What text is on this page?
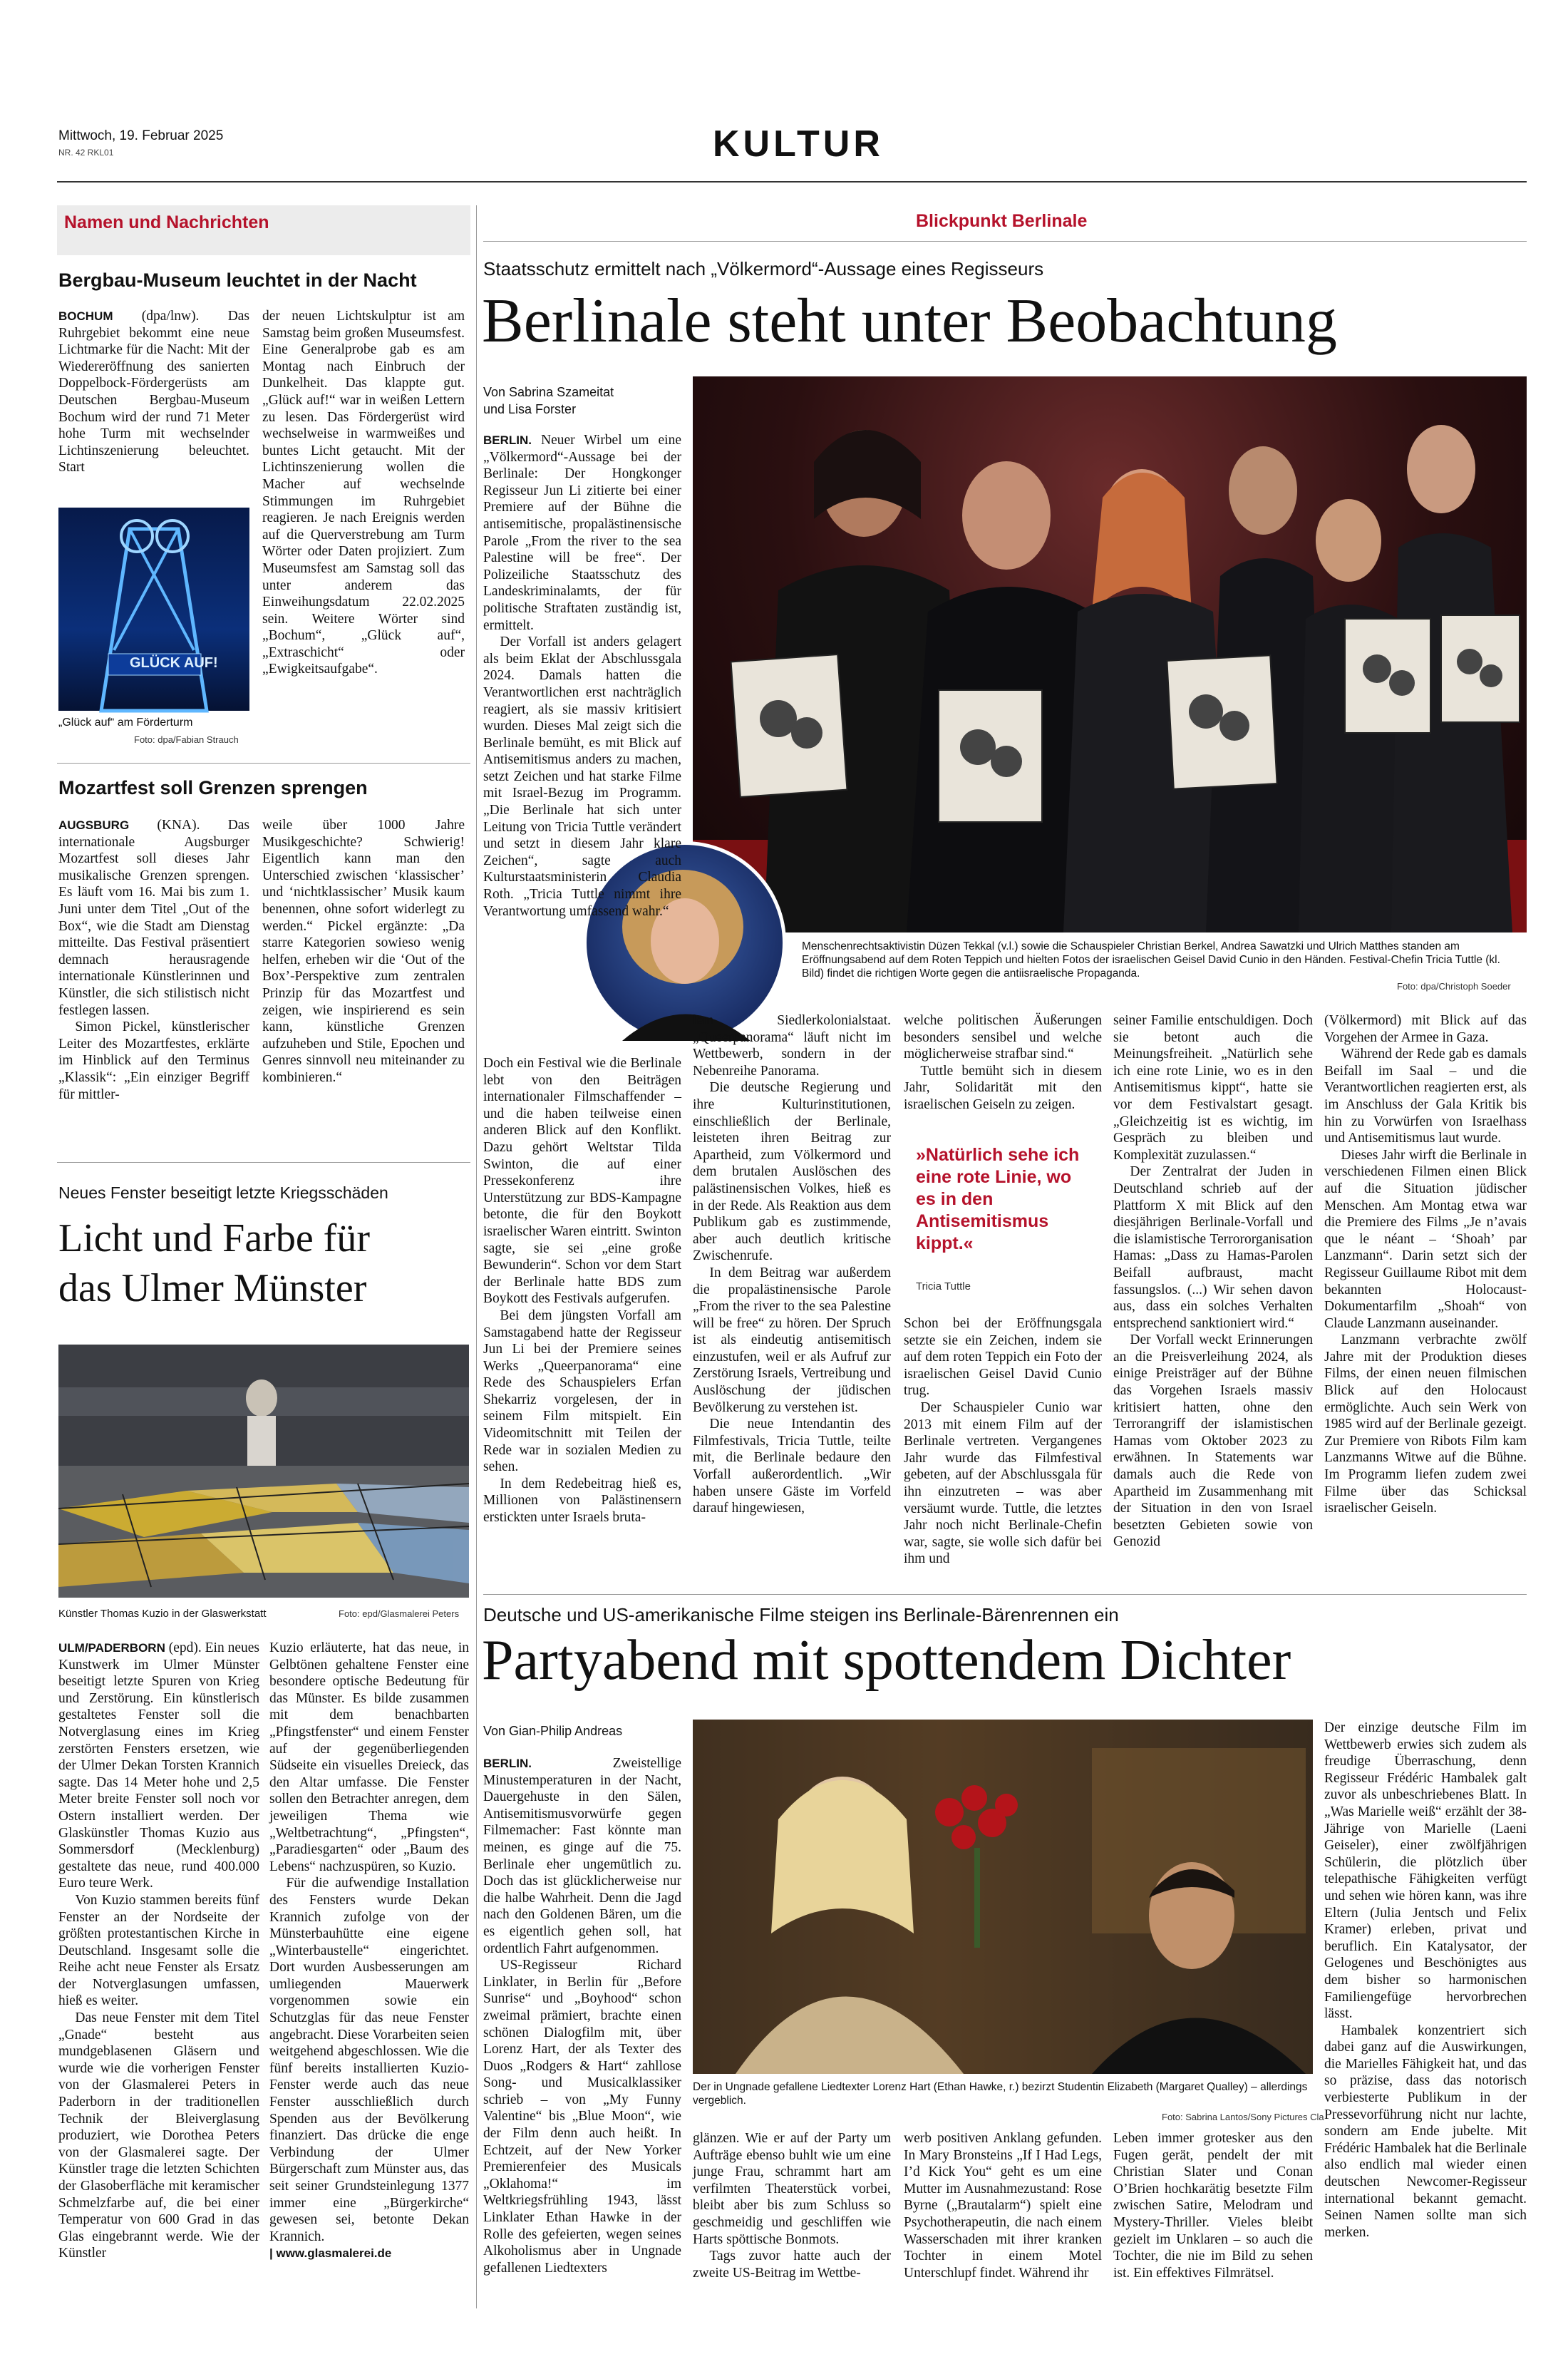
Mittwoch, 19. Februar 2025
NR. 42 RKL01	KULTUR
Namen und Nachrichten
Bergbau-Museum leuchtet in der Nacht

BOCHUM (dpa/lnw). Das Ruhrgebiet bekommt eine neue Lichtmarke für die Nacht: Mit der Wiedereröffnung des sanierten Doppelbock-Fördergerüsts am Deutschen Bergbau-Museum Bochum wird der rund 71 Meter hohe Turm mit wechselnder Lichtinszenierung beleuchtet. Start

GLÜCK AUF!
„Glück auf“ am Förderturm
Foto: dpa/Fabian Strauch

der neuen Lichtskulptur ist am Samstag beim großen Museumsfest. Eine Generalprobe gab es am Montag nach Einbruch der Dunkelheit. Das klappte gut. „Glück auf!“ war in weißen Lettern zu lesen. Das Fördergerüst wird wechselweise in warmweißes und buntes Licht getaucht. Mit der Lichtinszenierung wollen die Macher auf wechselnde Stimmungen im Ruhrgebiet reagieren. Je nach Ereignis werden auf die Querverstrebung am Turm Wörter oder Daten projiziert. Zum Museumsfest am Samstag soll das unter anderem das Einweihungsdatum 22.02.2025 sein. Weitere Wörter sind „Bochum“, „Glück auf“, „Extraschicht“ oder „Ewigkeitsaufgabe“.

Mozartfest soll Grenzen sprengen

AUGSBURG (KNA). Das internationale Augsburger Mozartfest soll dieses Jahr musikalische Grenzen sprengen. Es läuft vom 16. Mai bis zum 1. Juni unter dem Titel „Out of the Box“, wie die Stadt am Dienstag mitteilte. Das Festival präsentiert demnach herausragende internationale Künstlerinnen und Künstler, die sich stilistisch nicht festlegen lassen.

Simon Pickel, künstlerischer Leiter des Mozartfestes, erklärte im Hinblick auf den Terminus „Klassik“: „Ein einziger Begriff für mittler-

weile über 1000 Jahre Musikgeschichte? Schwierig! Eigentlich kann man den Unterschied zwischen ‘klassischer’ und ‘nichtklassischer’ Musik kaum benennen, ohne sofort widerlegt zu werden.“ Pickel ergänzte: „Da starre Kategorien sowieso wenig helfen, erheben wir die ‘Out of the Box’-Perspektive zum zentralen Prinzip für das Mozartfest und zeigen, wie inspirierend es sein kann, künstliche Grenzen aufzuheben und Stile, Epochen und Genres sinnvoll neu miteinander zu kombinieren.“

Neues Fenster beseitigt letzte Kriegsschäden
Licht und Farbe für
das Ulmer Münster
Künstler Thomas Kuzio in der Glaswerkstatt	Foto: epd/Glasmalerei Peters

ULM/PADERBORN (epd). Ein neues Kunstwerk im Ulmer Münster beseitigt letzte Spuren von Krieg und Zerstörung. Ein künstlerisch gestaltetes Fenster soll die Notverglasung eines im Krieg zerstörten Fensters ersetzen, wie der Ulmer Dekan Torsten Krannich sagte. Das 14 Meter hohe und 2,5 Meter breite Fenster soll noch vor Ostern installiert werden. Der Glaskünstler Thomas Kuzio aus Sommersdorf (Mecklenburg) gestaltete das neue, rund 400.000 Euro teure Werk.

Von Kuzio stammen bereits fünf Fenster an der Nordseite der größten protestantischen Kirche in Deutschland. Insgesamt solle die Reihe acht neue Fenster als Ersatz der Notverglasungen umfassen, hieß es weiter.

Das neue Fenster mit dem Titel „Gnade“ besteht aus mundgeblasenen Gläsern und wurde wie die vorherigen Fenster von der Glasmalerei Peters in Paderborn in der traditionellen Technik der Bleiverglasung produziert, wie Dorothea Peters von der Glasmalerei sagte. Der Künstler trage die letzten Schichten der Glasoberfläche mit keramischer Schmelzfarbe auf, die bei einer Temperatur von 600 Grad in das Glas eingebrannt werde. Wie der Künstler

Kuzio erläuterte, hat das neue, in Gelbtönen gehaltene Fenster eine besondere optische Bedeutung für das Münster. Es bilde zusammen mit dem benachbarten „Pfingstfenster“ und einem Fenster auf der gegenüberliegenden Südseite ein visuelles Dreieck, das den Altar umfasse. Die Fenster sollen den Betrachter anregen, dem jeweiligen Thema wie „Weltbetrachtung“, „Pfingsten“, „Paradiesgarten“ oder „Baum des Lebens“ nachzuspüren, so Kuzio.

Für die aufwendige Installation des Fensters wurde Dekan Krannich zufolge von der Münsterbauhütte eine eigene „Winterbaustelle“ eingerichtet. Dort wurden Ausbesserungen am umliegenden Mauerwerk vorgenommen sowie ein Schutzglas für das neue Fenster angebracht. Diese Vorarbeiten seien weitgehend abgeschlossen. Wie die fünf bereits installierten Kuzio-Fenster werde auch das neue Fenster ausschließlich durch Spenden aus der Bevölkerung finanziert. Das drücke die enge Verbindung der Ulmer Bürgerschaft zum Münster aus, das seit seiner Grundsteinlegung 1377 immer eine „Bürgerkirche“ gewesen sei, betonte Dekan Krannich.

| www.glasmalerei.de

Blickpunkt Berlinale
Staatsschutz ermittelt nach „Völkermord“-Aussage eines Regisseurs
Berlinale steht unter Beobachtung
Von Sabrina Szameitat
und Lisa Forster
Menschenrechtsaktivistin Düzen Tekkal (v.l.) sowie die Schauspieler Christian Berkel, Andrea Sawatzki und Ulrich Matthes standen am Eröffnungsabend auf dem Roten Teppich und hielten Fotos der israelischen Geisel David Cunio in den Händen. Festival-Chefin Tricia Tuttle (kl. Bild) findet die richtigen Worte gegen die antiisraelische Propaganda.
Foto: dpa/Christoph Soeder

BERLIN. Neuer Wirbel um eine „Völkermord“-Aussage bei der Berlinale: Der Hongkonger Regisseur Jun Li zitierte bei einer Premiere auf der Bühne die antisemitische, propalästinensische Parole „From the river to the sea Palestine will be free“. Der Polizeiliche Staatsschutz des Landeskriminalamts, der für politische Straftaten zuständig ist, ermittelt.

Der Vorfall ist anders gelagert als beim Eklat der Abschlussgala 2024. Damals hatten die Verantwortlichen erst nachträglich reagiert, als sie massiv kritisiert wurden. Dieses Mal zeigt sich die Berlinale bemüht, es mit Blick auf Antisemitismus anders zu machen, setzt Zeichen und hat starke Filme mit Israel-Bezug im Programm. „Die Berlinale hat sich unter Leitung von Tricia Tuttle verändert und setzt in diesem Jahr klare Zeichen“, sagte auch Kulturstaatsministerin Claudia Roth. „Tricia Tuttle nimmt ihre Verantwortung umfassend wahr.“

Doch ein Festival wie die Berlinale lebt von den Beiträgen internationaler Filmschaffender – und die haben teilweise einen anderen Blick auf den Konflikt. Dazu gehört Weltstar Tilda Swinton, die auf einer Pressekonferenz ihre Unterstützung zur BDS-Kampagne betonte, die für den Boykott israelischer Waren eintritt. Swinton sagte, sie sei „eine große Bewunderin“. Schon vor dem Start der Berlinale hatte BDS zum Boykott des Festivals aufgerufen.

Bei dem jüngsten Vorfall am Samstagabend hatte der Regisseur Jun Li bei der Premiere seines Werks „Queerpanorama“ eine Rede des Schauspielers Erfan Shekarriz vorgelesen, der in seinem Film mitspielt. Ein Videomitschnitt mit Teilen der Rede war in sozialen Medien zu sehen.

In dem Redebeitrag hieß es, Millionen von Palästinensern erstickten unter Israels bruta-

lem Siedlerkolonialstaat. „Queerpanorama“ läuft nicht im Wettbewerb, sondern in der Nebenreihe Panorama.

Die deutsche Regierung und ihre Kulturinstitutionen, einschließlich der Berlinale, leisteten ihren Beitrag zur Apartheid, zum Völkermord und dem brutalen Auslöschen des palästinensischen Volkes, hieß es in der Rede. Als Reaktion aus dem Publikum gab es zustimmende, aber auch deutlich kritische Zwischenrufe.

In dem Beitrag war außerdem die propalästinensische Parole „From the river to the sea Palestine will be free“ zu hören. Der Spruch ist als eindeutig antisemitisch einzustufen, weil er als Aufruf zur Zerstörung Israels, Vertreibung und Auslöschung der jüdischen Bevölkerung zu verstehen ist.

Die neue Intendantin des Filmfestivals, Tricia Tuttle, teilte mit, die Berlinale bedaure den Vorfall außerordentlich. „Wir haben unsere Gäste im Vorfeld darauf hingewiesen,

welche politischen Äußerungen besonders sensibel und welche möglicherweise strafbar sind.“

Tuttle bemüht sich in diesem Jahr, Solidarität mit den israelischen Geiseln zu zeigen.

»Natürlich sehe ich eine rote Linie, wo es in den Antisemitismus kippt.«
Tricia Tuttle

Schon bei der Eröffnungsgala setzte sie ein Zeichen, indem sie auf dem roten Teppich ein Foto der israelischen Geisel David Cunio trug.

Der Schauspieler Cunio war 2013 mit einem Film auf der Berlinale vertreten. Vergangenes Jahr wurde das Filmfestival gebeten, auf der Abschlussgala für ihn einzutreten – was aber versäumt wurde. Tuttle, die letztes Jahr noch nicht Berlinale-Chefin war, sagte, sie wolle sich dafür bei ihm und

seiner Familie entschuldigen. Doch sie betont auch die Meinungsfreiheit. „Natürlich sehe ich eine rote Linie, wo es in den Antisemitismus kippt“, hatte sie vor dem Festivalstart gesagt. „Gleichzeitig ist es wichtig, im Gespräch zu bleiben und Komplexität zuzulassen.“

Der Zentralrat der Juden in Deutschland schrieb auf der Plattform X mit Blick auf den diesjährigen Berlinale-Vorfall und die islamistische Terrororganisation Hamas: „Dass zu Hamas-Parolen Beifall aufbraust, macht fassungslos. (...) Wir sehen davon aus, dass ein solches Verhalten entsprechend sanktioniert wird.“

Der Vorfall weckt Erinnerungen an die Preisverleihung 2024, als einige Preisträger auf der Bühne das Vorgehen Israels massiv kritisiert hatten, ohne den Terrorangriff der islamistischen Hamas vom Oktober 2023 zu erwähnen. In Statements war damals auch die Rede von Apartheid im Zusammenhang mit der Situation in den von Israel besetzten Gebieten sowie von Genozid

(Völkermord) mit Blick auf das Vorgehen der Armee in Gaza.

Während der Rede gab es damals Beifall im Saal – und die Verantwortlichen reagierten erst, als im Anschluss der Gala Kritik bis hin zu Vorwürfen von Israelhass und Antisemitismus laut wurde.

Dieses Jahr wirft die Berlinale in verschiedenen Filmen einen Blick auf die Situation jüdischer Menschen. Am Montag etwa war die Premiere des Films „Je n’avais que le néant – ‘Shoah’ par Lanzmann“. Darin setzt sich der Regisseur Guillaume Ribot mit dem bekannten Holocaust-Dokumentarfilm „Shoah“ von Claude Lanzmann auseinander.

Lanzmann verbrachte zwölf Jahre mit der Produktion dieses Films, der einen neuen filmischen Blick auf den Holocaust ermöglichte. Auch sein Werk von 1985 wird auf der Berlinale gezeigt. Zur Premiere von Ribots Film kam Lanzmanns Witwe auf die Bühne. Im Programm liefen zudem zwei Filme über das Schicksal israelischer Geiseln.

Deutsche und US-amerikanische Filme steigen ins Berlinale-Bärenrennen ein
Partyabend mit spottendem Dichter
Von Gian-Philip Andreas

BERLIN.	Zweistellige Minustemperaturen in der Nacht, Dauergehuste in den Sälen, Antisemitismusvorwürfe gegen Filmemacher: Fast könnte man meinen, es ginge auf die 75. Berlinale eher ungemütlich zu. Doch das ist glücklicherweise nur die halbe Wahrheit. Denn die Jagd nach den Goldenen Bären, um die es eigentlich gehen soll, hat ordentlich Fahrt aufgenommen.

US-Regisseur Richard Linklater, in Berlin für „Before Sunrise“ und „Boyhood“ schon zweimal prämiert, brachte einen schönen Dialogfilm mit, über Lorenz Hart, der als Texter des Duos „Rodgers & Hart“ zahllose Song- und Musicalklassiker schrieb – von „My Funny Valentine“ bis „Blue Moon“, wie der Film denn auch heißt. In Echtzeit, auf der New Yorker Premierenfeier des Musicals „Oklahoma!“ im Weltkriegsfrühling 1943, lässt Linklater Ethan Hawke in der Rolle des gefeierten, wegen seines Alkoholismus aber in Ungnade gefallenen Liedtexters

Der in Ungnade gefallene Liedtexter Lorenz Hart (Ethan Hawke, r.) bezirzt Studentin Elizabeth (Margaret Qualley) – allerdings vergeblich.
Foto: Sabrina Lantos/Sony Pictures Cla

glänzen. Wie er auf der Party um Aufträge ebenso buhlt wie um eine junge Frau, schrammt hart am verfilmten Theaterstück vorbei, bleibt aber bis zum Schluss so geschmeidig und geschliffen wie Harts spöttische Bonmots.

Tags zuvor hatte auch der zweite US-Beitrag im Wettbe-

werb positiven Anklang gefunden. In Mary Bronsteins „If I Had Legs, I’d Kick You“ geht es um eine Mutter im Ausnahmezustand: Rose Byrne („Brautalarm“) spielt eine Psychotherapeutin, die nach einem Wasserschaden mit ihrer kranken Tochter in einem Motel Unterschlupf findet. Während ihr

Leben immer grotesker aus den Fugen gerät, pendelt der mit Christian Slater und Conan O’Brien hochkarätig besetzte Film zwischen Satire, Melodram und Mystery-Thriller. Vieles bleibt gezielt im Unklaren – so auch die Tochter, die nie im Bild zu sehen ist. Ein effektives Filmrätsel.

Der einzige deutsche Film im Wettbewerb erwies sich zudem als freudige Überraschung, denn Regisseur Frédéric Hambalek galt zuvor als unbeschriebenes Blatt. In „Was Marielle weiß“ erzählt der 38-Jährige von Marielle (Laeni Geiseler), einer zwölfjährigen Schülerin, die plötzlich über telepathische Fähigkeiten verfügt und sehen wie hören kann, was ihre Eltern (Julia Jentsch und Felix Kramer) erleben, privat und beruflich. Ein Katalysator, der Gelogenes und Beschönigtes aus dem bisher so harmonischen Familiengefüge hervorbrechen lässt.

Hambalek konzentriert sich dabei ganz auf die Auswirkungen, die Marielles Fähigkeit hat, und das so präzise, dass das notorisch verbiesterte Publikum in der Pressevorführung nicht nur lachte, sondern am Ende jubelte. Mit Frédéric Hambalek hat die Berlinale also endlich mal wieder einen deutschen Newcomer-Regisseur international bekannt gemacht. Seinen Namen sollte man sich merken.
